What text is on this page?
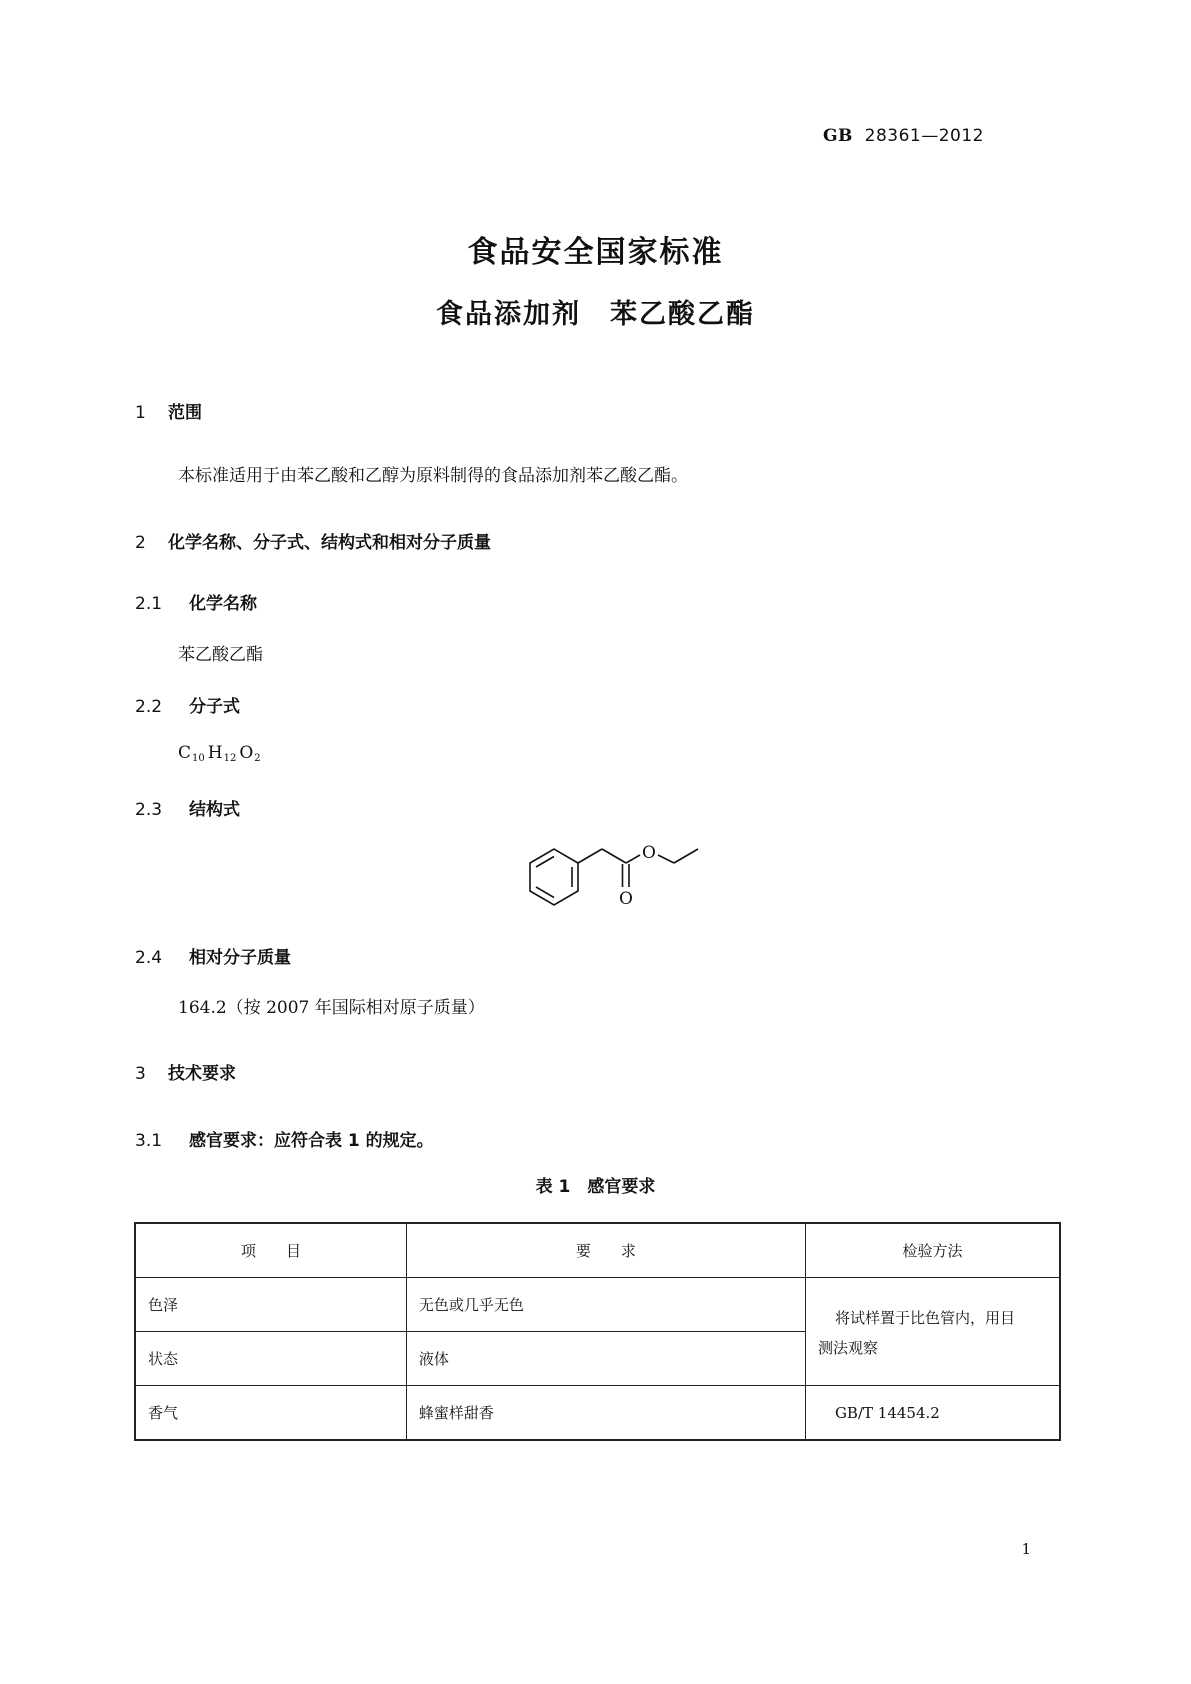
GB 28361—2012
食品安全国家标准
食品添加剂　苯乙酸乙酯
1 范围
本标准适用于由苯乙酸和乙醇为原料制得的食品添加剂苯乙酸乙酯。
2 化学名称、分子式、结构式和相对分子质量
2.1 化学名称
苯乙酸乙酯
2.2 分子式
$C_{10}$ $H_{12}$ $O_2$
2.3 结构式
O
O
2.4 相对分子质量
164.2（按 2007 年国际相对原子质量）
3 技术要求
3.1 感官要求：应符合表 1 的规定。
表 1　感官要求
项　　目	要　　求	检验方法
色泽	无色或几乎无色	将试样置于比色管内，用目
测法观察

状态	液体	
香气	蜂蜜样甜香	GB/T 14454.2
1
